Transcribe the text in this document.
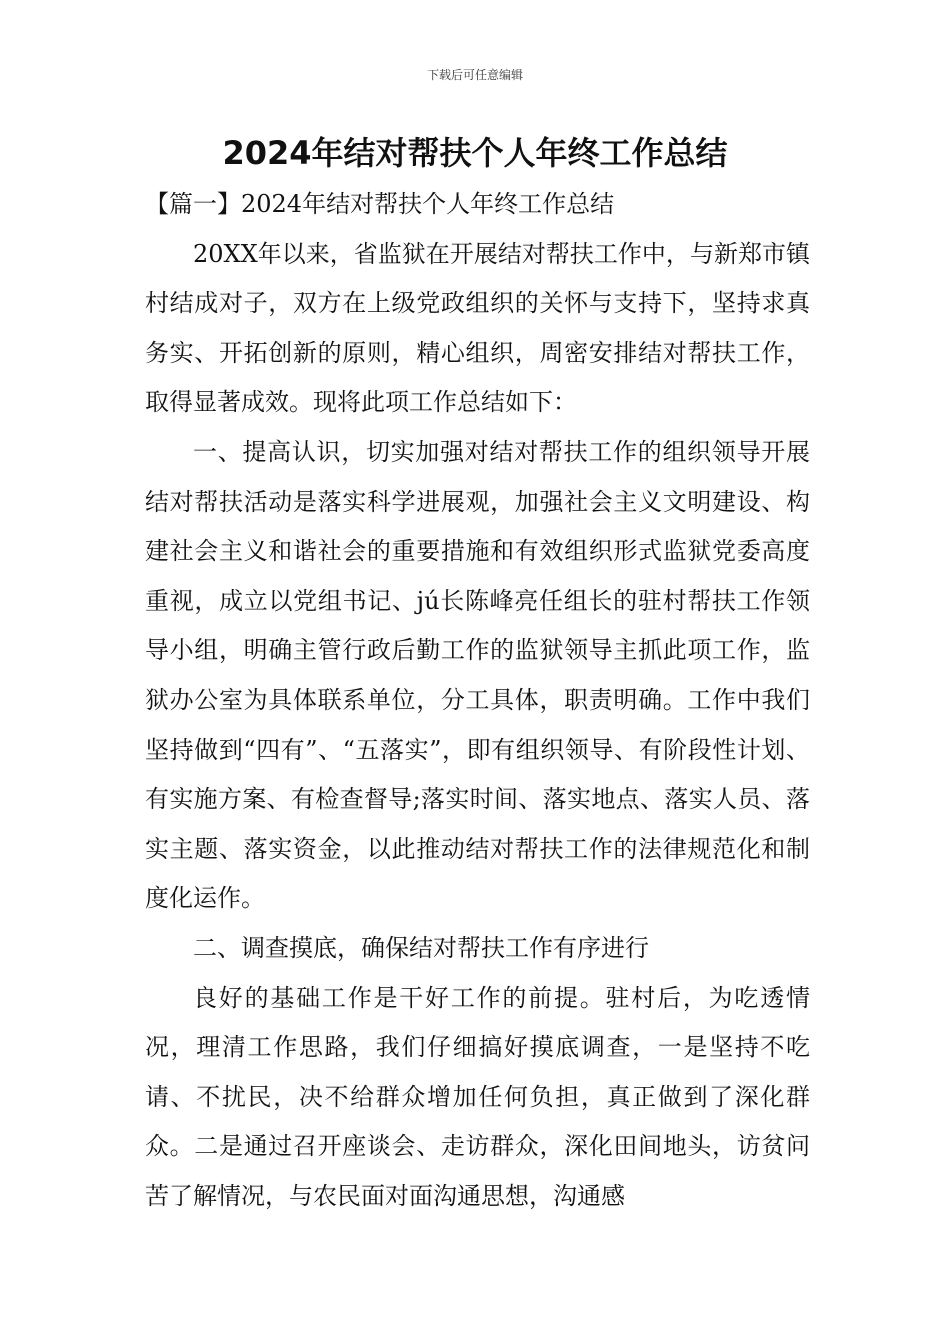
下载后可任意编辑
2024年结对帮扶个人年终工作总结

【篇一】2024年结对帮扶个人年终工作总结

20XX年以来，省监狱在开展结对帮扶工作中，与新郑市镇村结成对子，双方在上级党政组织的关怀与支持下，坚持求真务实、开拓创新的原则，精心组织，周密安排结对帮扶工作，取得显著成效。现将此项工作总结如下：

一、提高认识，切实加强对结对帮扶工作的组织领导开展结对帮扶活动是落实科学进展观，加强社会主义文明建设、构建社会主义和谐社会的重要措施和有效组织形式监狱党委高度重视，成立以党组书记、jú长陈峰亮任组长的驻村帮扶工作领导小组，明确主管行政后勤工作的监狱领导主抓此项工作，监狱办公室为具体联系单位，分工具体，职责明确。工作中我们坚持做到“四有”、“五落实”，即有组织领导、有阶段性计划、有实施方案、有检查督导;落实时间、落实地点、落实人员、落实主题、落实资金，以此推动结对帮扶工作的法律规范化和制度化运作。

二、调查摸底，确保结对帮扶工作有序进行

良好的基础工作是干好工作的前提。驻村后，为吃透情况，理清工作思路，我们仔细搞好摸底调查，一是坚持不吃请、不扰民，决不给群众增加任何负担，真正做到了深化群众。二是通过召开座谈会、走访群众，深化田间地头，访贫问苦了解情况，与农民面对面沟通思想，沟通感
